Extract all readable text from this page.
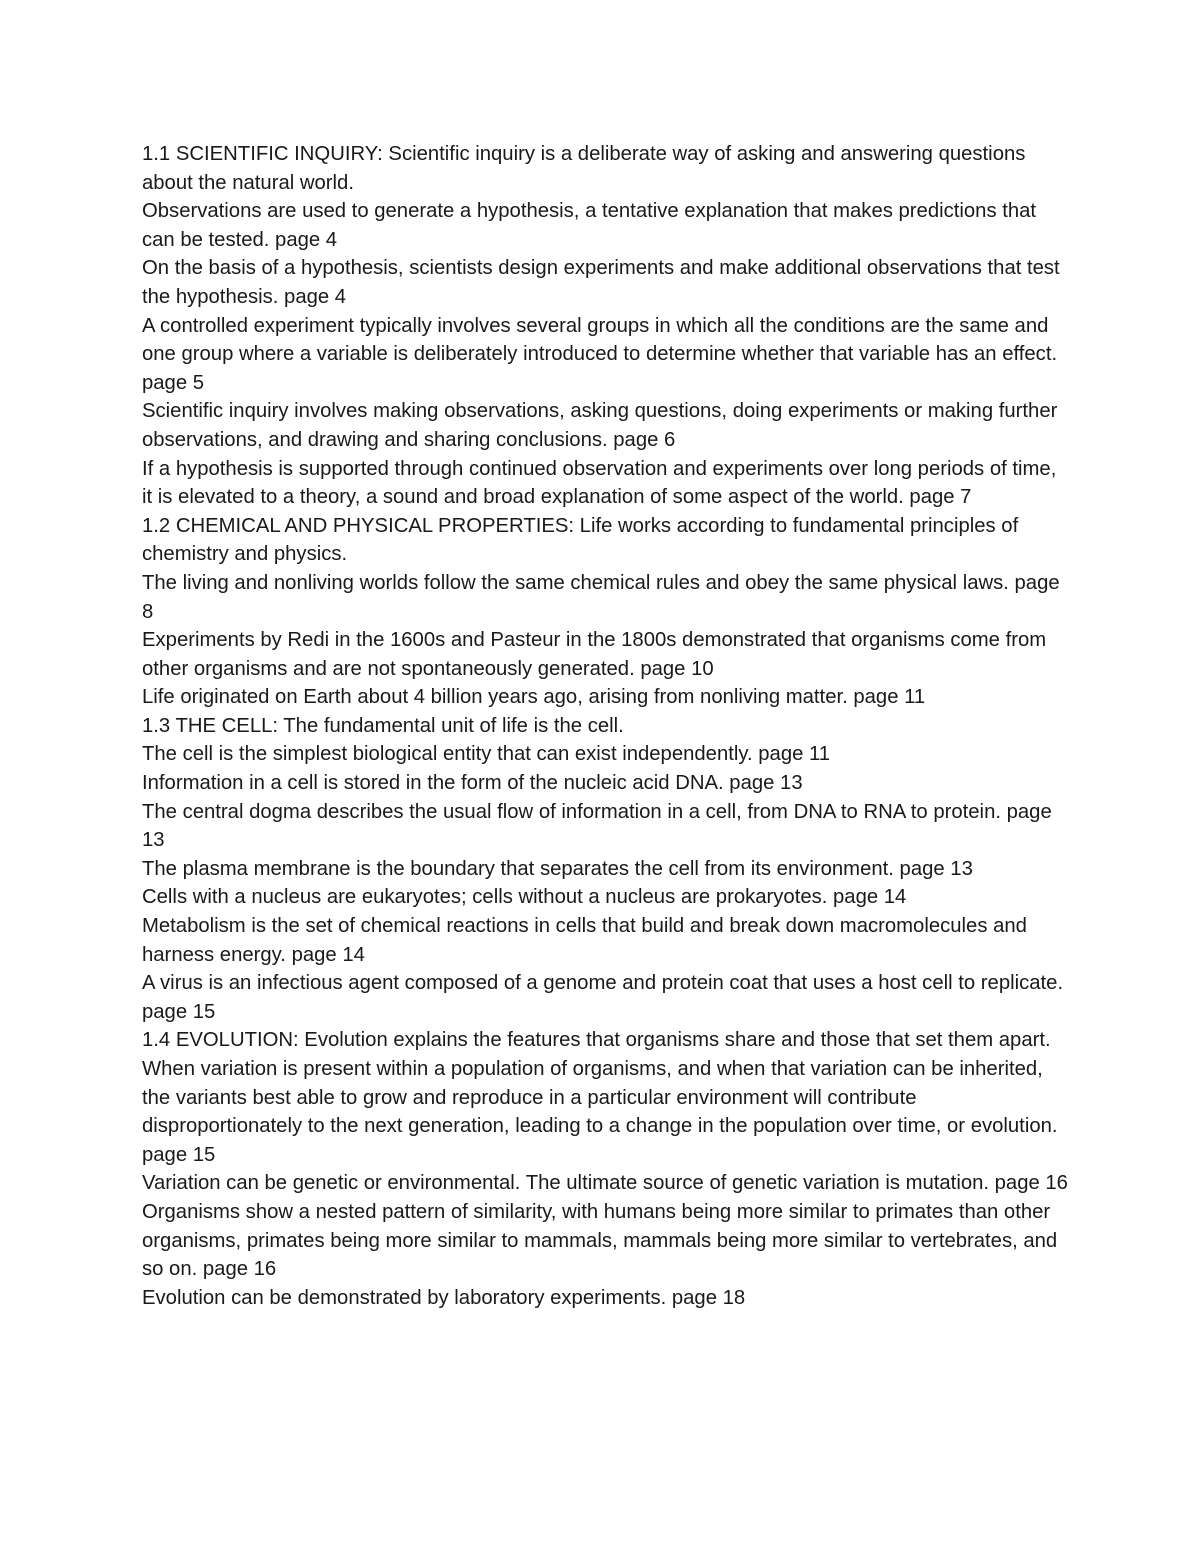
1.1 SCIENTIFIC INQUIRY: Scientific inquiry is a deliberate way of asking and answering questions about the natural world.

Observations are used to generate a hypothesis, a tentative explanation that makes predictions that can be tested. page 4

On the basis of a hypothesis, scientists design experiments and make additional observations that test the hypothesis. page 4

A controlled experiment typically involves several groups in which all the conditions are the same and one group where a variable is deliberately introduced to determine whether that variable has an effect. page 5

Scientific inquiry involves making observations, asking questions, doing experiments or making further observations, and drawing and sharing conclusions. page 6

If a hypothesis is supported through continued observation and experiments over long periods of time, it is elevated to a theory, a sound and broad explanation of some aspect of the world. page 7

1.2 CHEMICAL AND PHYSICAL PROPERTIES: Life works according to fundamental principles of chemistry and physics.

The living and nonliving worlds follow the same chemical rules and obey the same physical laws. page 8

Experiments by Redi in the 1600s and Pasteur in the 1800s demonstrated that organisms come from other organisms and are not spontaneously generated. page 10

Life originated on Earth about 4 billion years ago, arising from nonliving matter. page 11

1.3 THE CELL: The fundamental unit of life is the cell.

The cell is the simplest biological entity that can exist independently. page 11

Information in a cell is stored in the form of the nucleic acid DNA. page 13

The central dogma describes the usual flow of information in a cell, from DNA to RNA to protein. page 13

The plasma membrane is the boundary that separates the cell from its environment. page 13

Cells with a nucleus are eukaryotes; cells without a nucleus are prokaryotes. page 14

Metabolism is the set of chemical reactions in cells that build and break down macromolecules and harness energy. page 14

A virus is an infectious agent composed of a genome and protein coat that uses a host cell to replicate. page 15

1.4 EVOLUTION: Evolution explains the features that organisms share and those that set them apart.

When variation is present within a population of organisms, and when that variation can be inherited, the variants best able to grow and reproduce in a particular environment will contribute disproportionately to the next generation, leading to a change in the population over time, or evolution. page 15

Variation can be genetic or environmental. The ultimate source of genetic variation is mutation. page 16

Organisms show a nested pattern of similarity, with humans being more similar to primates than other organisms, primates being more similar to mammals, mammals being more similar to vertebrates, and so on. page 16

Evolution can be demonstrated by laboratory experiments. page 18
